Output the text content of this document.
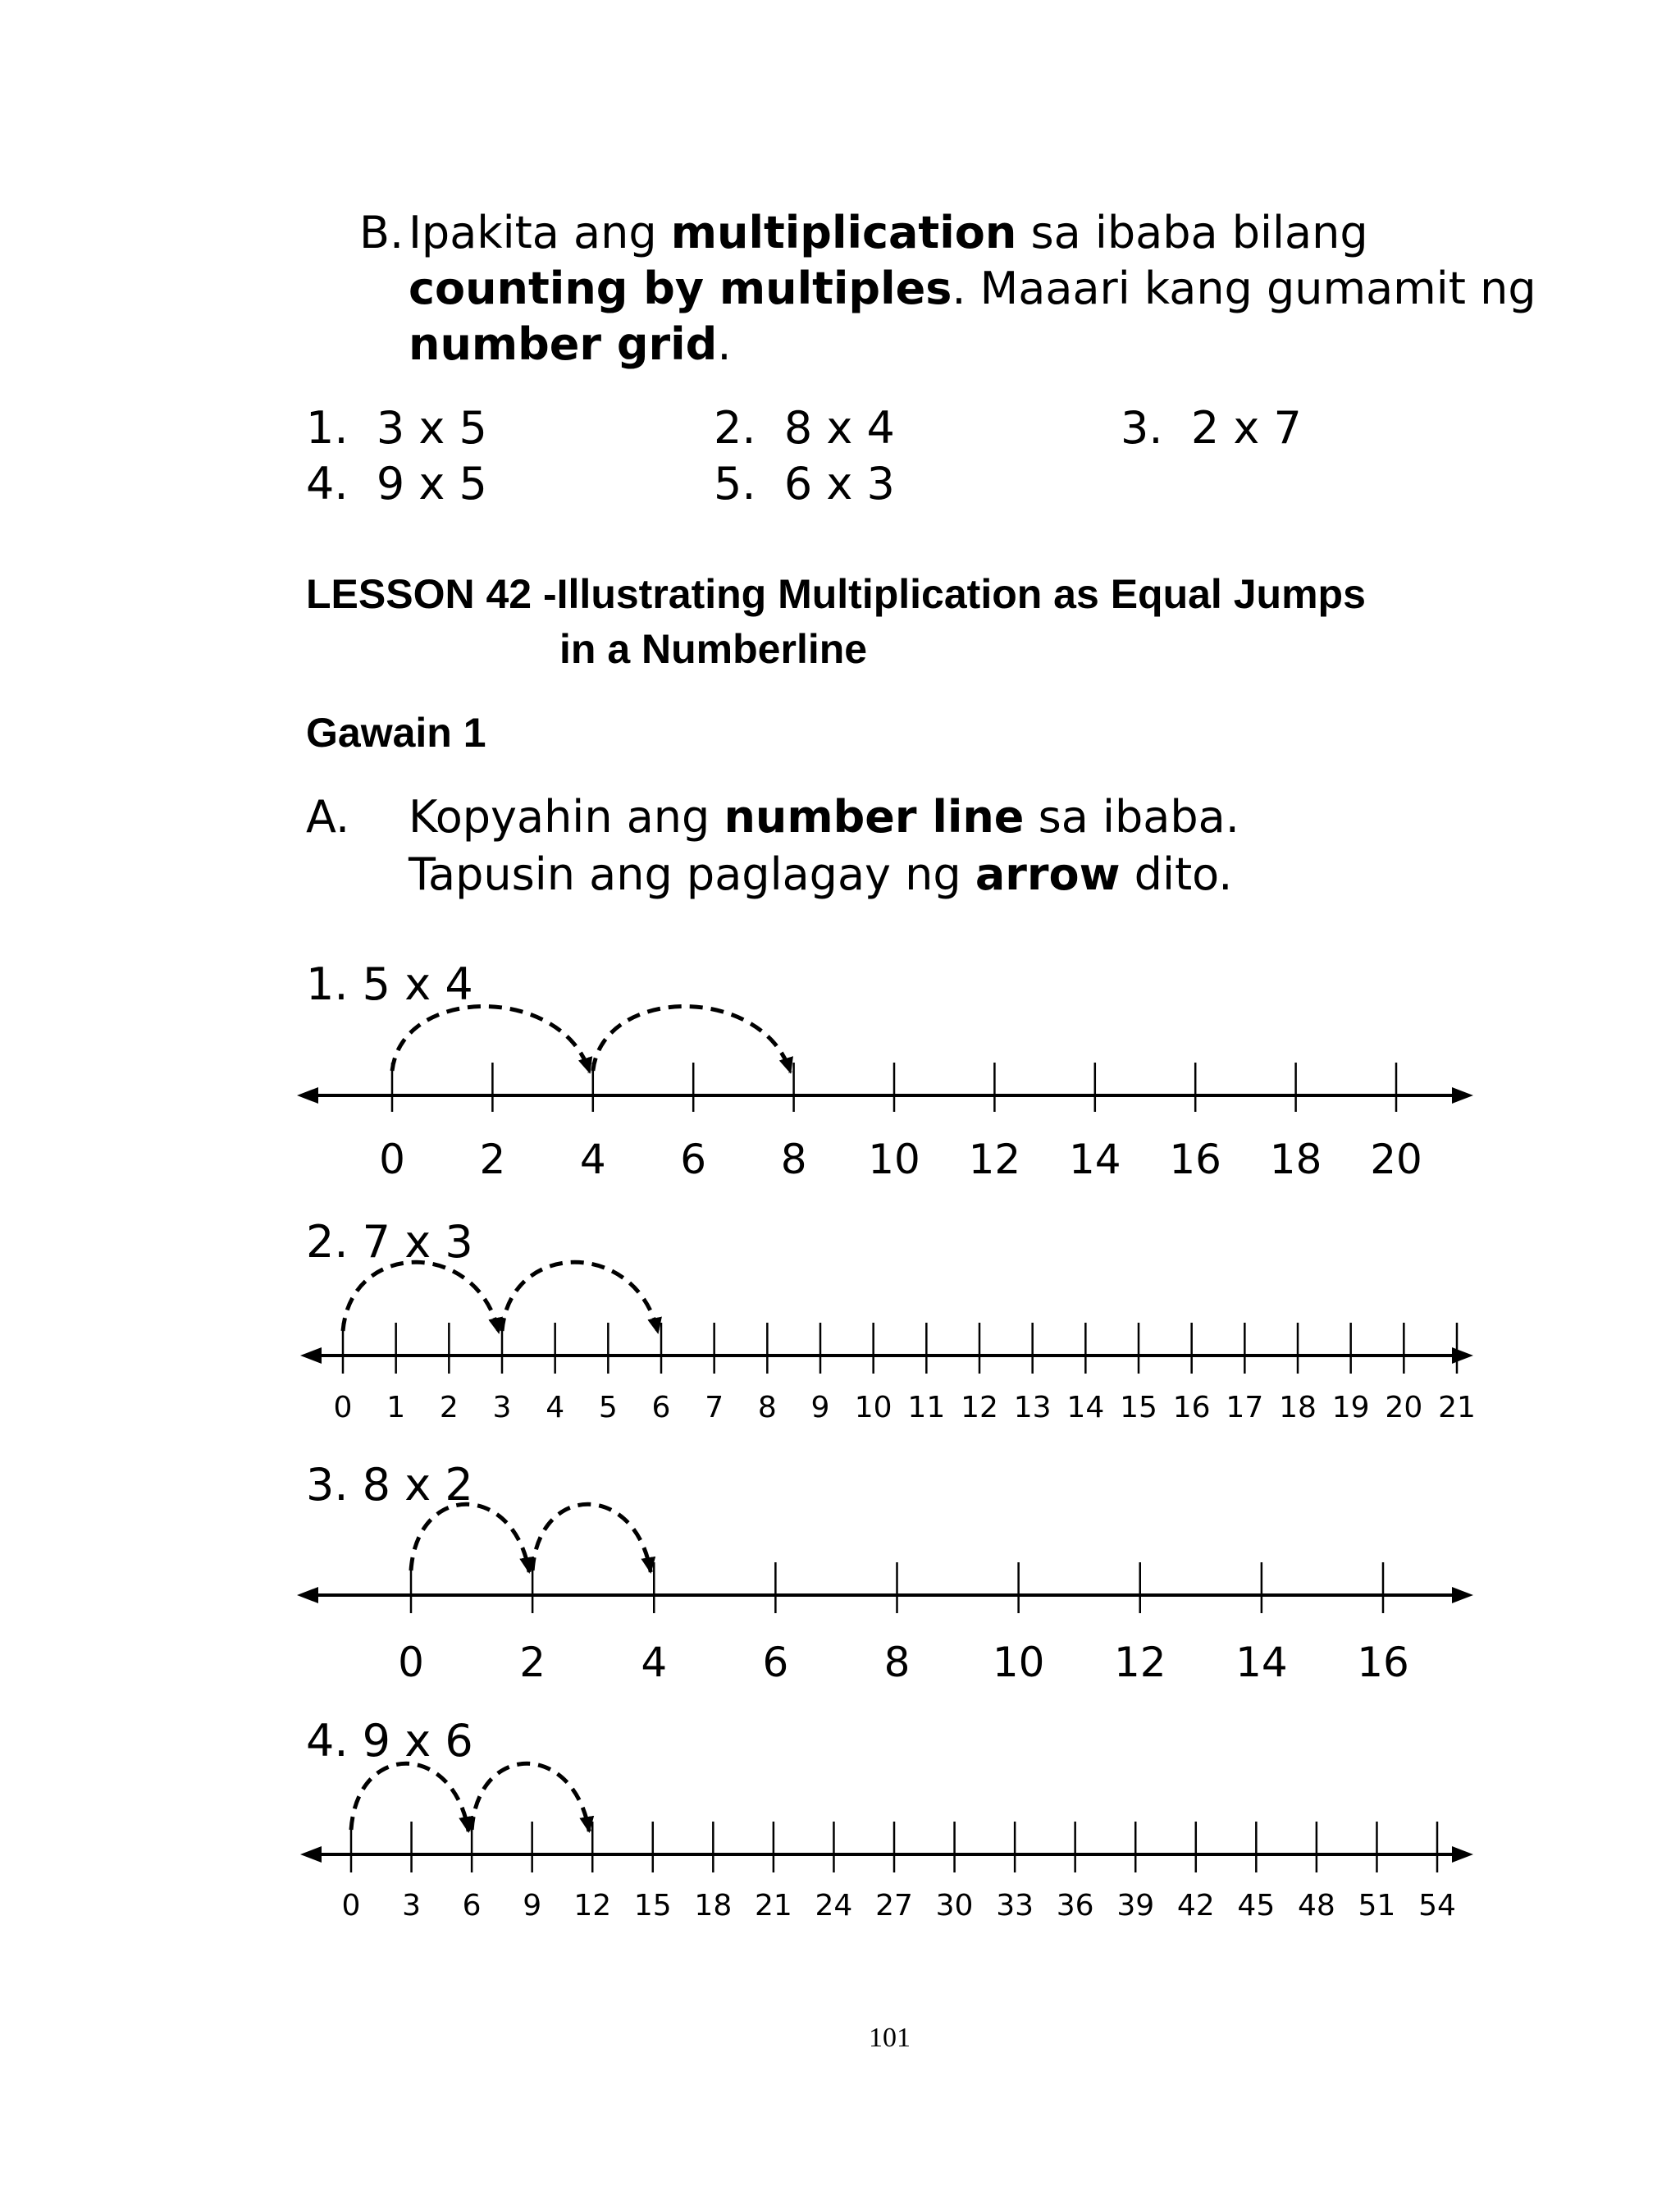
B. Ipakita ang multiplication sa ibaba bilang
counting by multiples. Maaari kang gumamit ng
number grid.
1. 3 x 5	2. 8 x 4	3. 2 x 7
4. 9 x 5	5. 6 x 3
LESSON 42 -Illustrating Multiplication as Equal Jumps
in a Numberline
Gawain 1
A. Kopyahin ang number line sa ibaba.
Tapusin ang paglagay ng arrow dito.
1. 5 x 4
0 2 4 6 8 10 12 14 16 18 20
2. 7 x 3
0 1 2 3 4 5 6 7 8 9 10 11 12 13 14 15 16 17 18 19 20 21
3. 8 x 2
0 2 4 6 8 10 12 14 16
4. 9 x 6
0 3 6 9 12 15 18 21 24 27 30 33 36 39 42 45 48 51 54
101
